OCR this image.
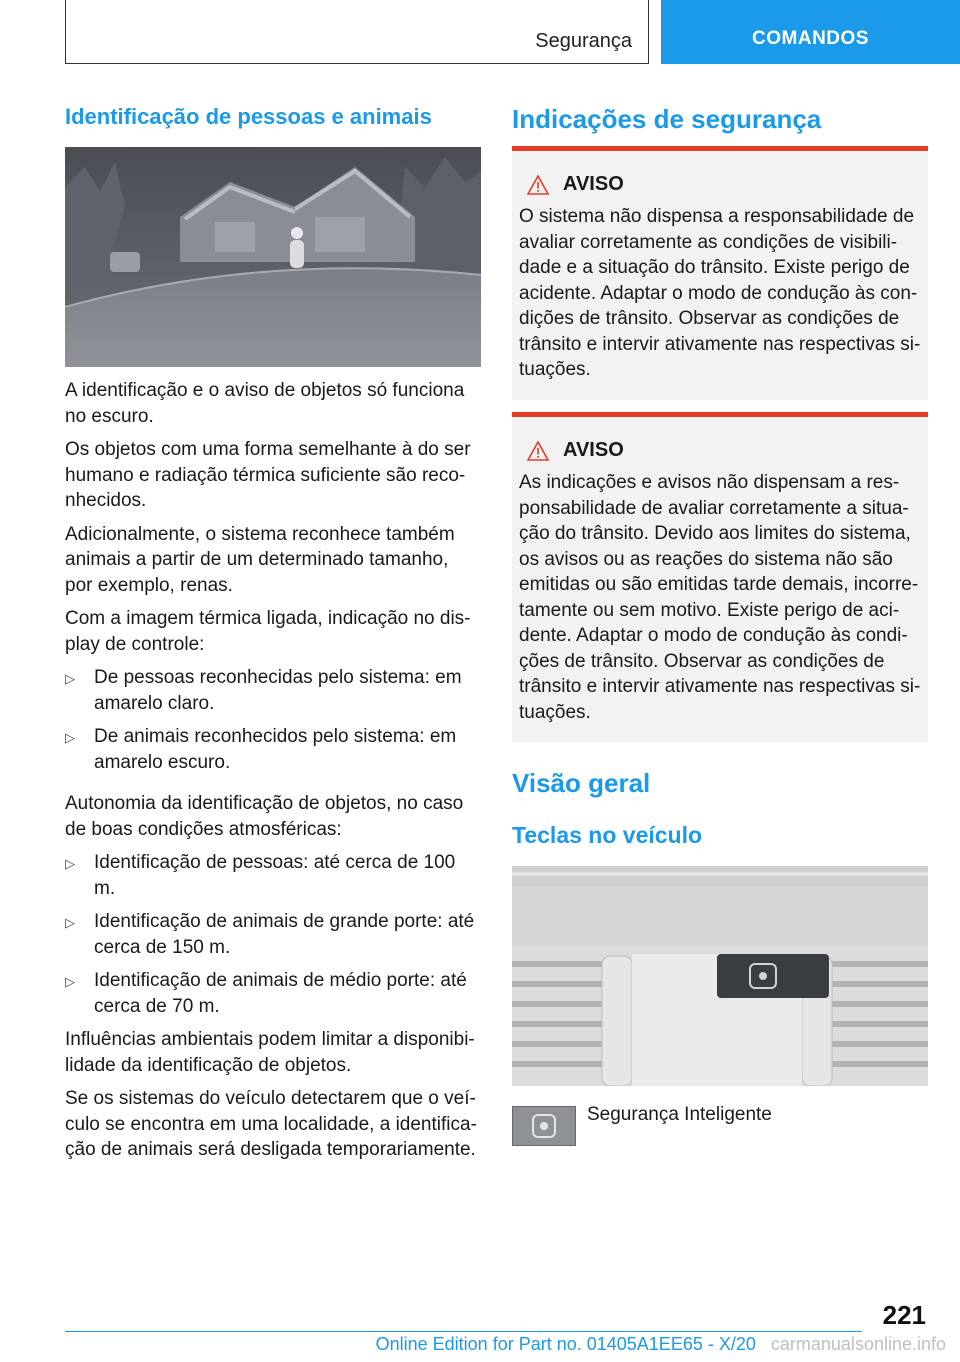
Segurança	COMANDOS
Identificação de pessoas e animais

A identificação e o aviso de objetos só funciona no escuro.

Os objetos com uma forma semelhante à do ser humano e radiação térmica suficiente são reco-nhecidos.

Adicionalmente, o sistema reconhece também animais a partir de um determinado tamanho, por exemplo, renas.

Com a imagem térmica ligada, indicação no dis-play de controle:

▷ De pessoas reconhecidas pelo sistema: em amarelo claro.
▷ De animais reconhecidos pelo sistema: em amarelo escuro.

Autonomia da identificação de objetos, no caso de boas condições atmosféricas:

▷ Identificação de pessoas: até cerca de 100 m.
▷ Identificação de animais de grande porte: até cerca de 150 m.
▷ Identificação de animais de médio porte: até cerca de 70 m.

Influências ambientais podem limitar a disponibi-lidade da identificação de objetos.

Se os sistemas do veículo detectarem que o veí-culo se encontra em uma localidade, a identifica-ção de animais será desligada temporariamente.

Indicações de segurança
AVISO
O sistema não dispensa a responsabilidade de avaliar corretamente as condições de visibili-dade e a situação do trânsito. Existe perigo de acidente. Adaptar o modo de condução às con-dições de trânsito. Observar as condições de trânsito e intervir ativamente nas respectivas si-tuações.
AVISO
As indicações e avisos não dispensam a res-ponsabilidade de avaliar corretamente a situa-ção do trânsito. Devido aos limites do sistema, os avisos ou as reações do sistema não são emitidas ou são emitidas tarde demais, incorre-tamente ou sem motivo. Existe perigo de aci-dente. Adaptar o modo de condução às condi-ções de trânsito. Observar as condições de trânsito e intervir ativamente nas respectivas si-tuações.
Visão geral
Teclas no veículo
Segurança Inteligente
221
Online Edition for Part no. 01405A1EE65 - X/20 carmanualsonline.info
